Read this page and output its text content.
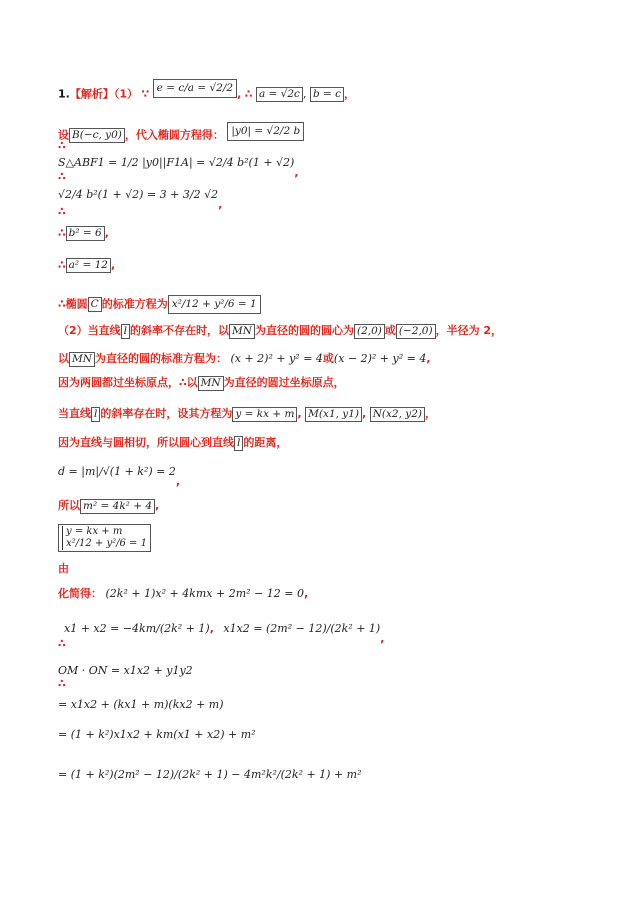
1.【解析】（1） ∵ e = c/a = √2/2 , ∴ a = √2c , b = c ，
设 B(−c, y0) ，代入椭圆方程得： |y0| = √2/2 b
∴
S△ABF1 = 1/2 |y0||F1A| = √2/4 b²(1 + √2),
∴
√2/4 b²(1 + √2) = 3 + 3/2 √2,
∴
∴ b² = 6 ,
∴ a² = 12 ,
∴椭圆 C 的标准方程为 x²/12 + y²/6 = 1
（2）当直线 l 的斜率不存在时，以 MN 为直径的圆的圆心为 (2,0) 或 (−2,0) ，半径为 2，
以 MN 为直径的圆的标准方程为： (x + 2)² + y² = 4或(x − 2)² + y² = 4,
因为两圆都过坐标原点，∴以 MN 为直径的圆过坐标原点，
当直线 l 的斜率存在时，设其方程为 y = kx + m , M(x1, y1) , N(x2, y2) ，
因为直线与圆相切，所以圆心到直线 l 的距离，
d = |m|/√(1 + k²) = 2,
所以 m² = 4k² + 4 ,
y = kx + m
x²/12 + y²/6 = 1
由
化简得： (2k² + 1)x² + 4kmx + 2m² − 12 = 0,
x1 + x2 = −4km/(2k² + 1), x1x2 = (2m² − 12)/(2k² + 1),
∴
OM · ON = x1x2 + y1y2
∴
= x1x2 + (kx1 + m)(kx2 + m)
= (1 + k²)x1x2 + km(x1 + x2) + m²
= (1 + k²)(2m² − 12)/(2k² + 1) − 4m²k²/(2k² + 1) + m²
